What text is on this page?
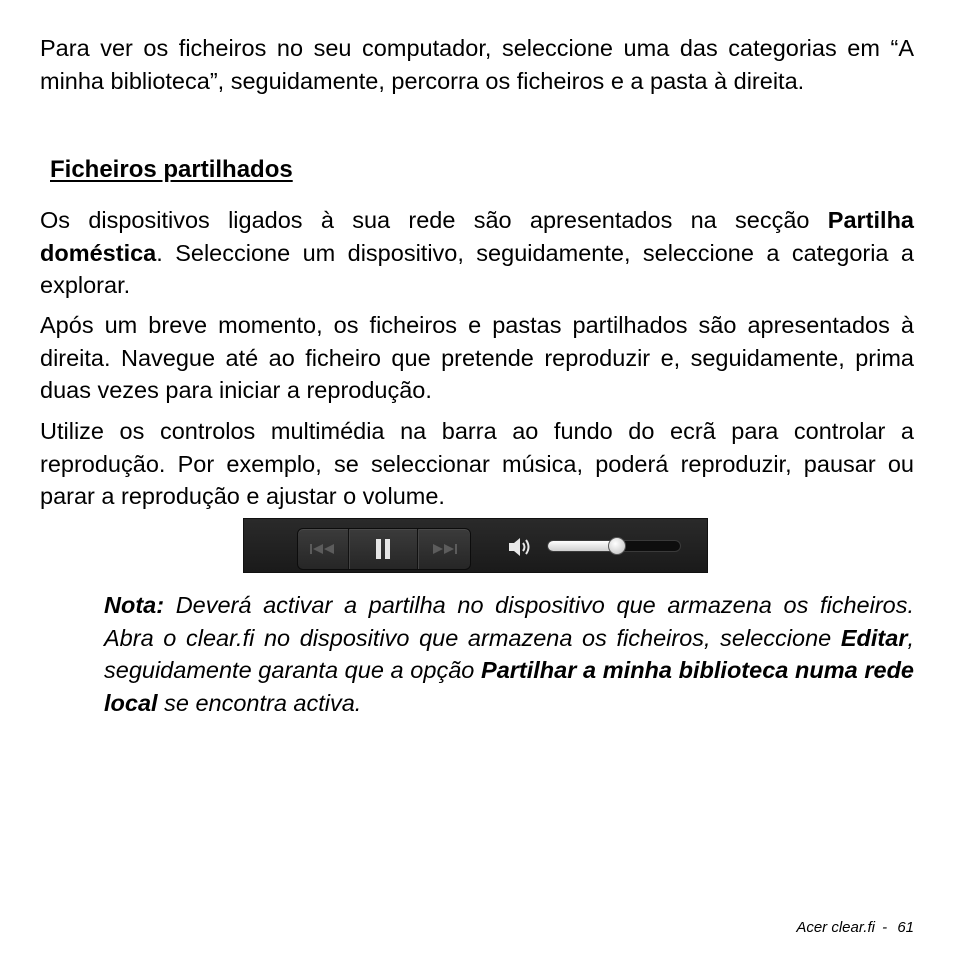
Para ver os ficheiros no seu computador, seleccione uma das categorias em “A minha biblioteca”, seguidamente, percorra os ficheiros e a pasta à direita.

Ficheiros partilhados

Os dispositivos ligados à sua rede são apresentados na secção Partilha doméstica. Seleccione um dispositivo, seguidamente, seleccione a categoria a explorar.

Após um breve momento, os ficheiros e pastas partilhados são apresentados à direita. Navegue até ao ficheiro que pretende reproduzir e, seguidamente, prima duas vezes para iniciar a reprodução.

Utilize os controlos multimédia na barra ao fundo do ecrã para controlar a reprodução. Por exemplo, se seleccionar música, poderá reproduzir, pausar ou parar a reprodução e ajustar o volume.

Nota: Deverá activar a partilha no dispositivo que armazena os ficheiros. Abra o clear.fi no dispositivo que armazena os ficheiros, seleccione Editar, seguidamente garanta que a opção Partilhar a minha biblioteca numa rede local se encontra activa.

Acer clear.fi - 61
